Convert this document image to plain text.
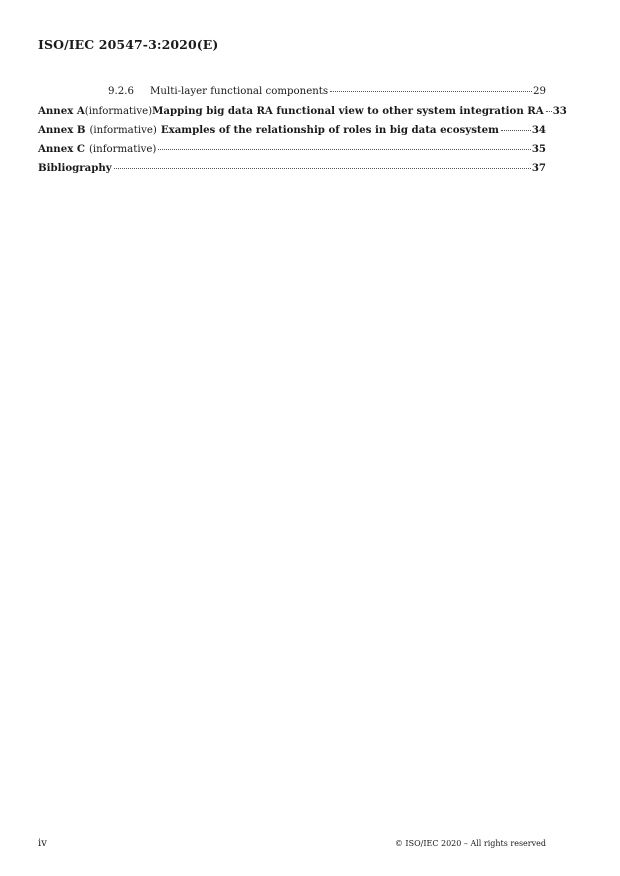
ISO/IEC 20547-3:2020(E)
9.2.6	Multi-layer functional components	29
Annex A (informative) Mapping big data RA functional view to other system integration RA 33
Annex B (informative) Examples of the relationship of roles in big data ecosystem	34
Annex C (informative)	35
Bibliography	37
iv	© ISO/IEC 2020 – All rights reserved
